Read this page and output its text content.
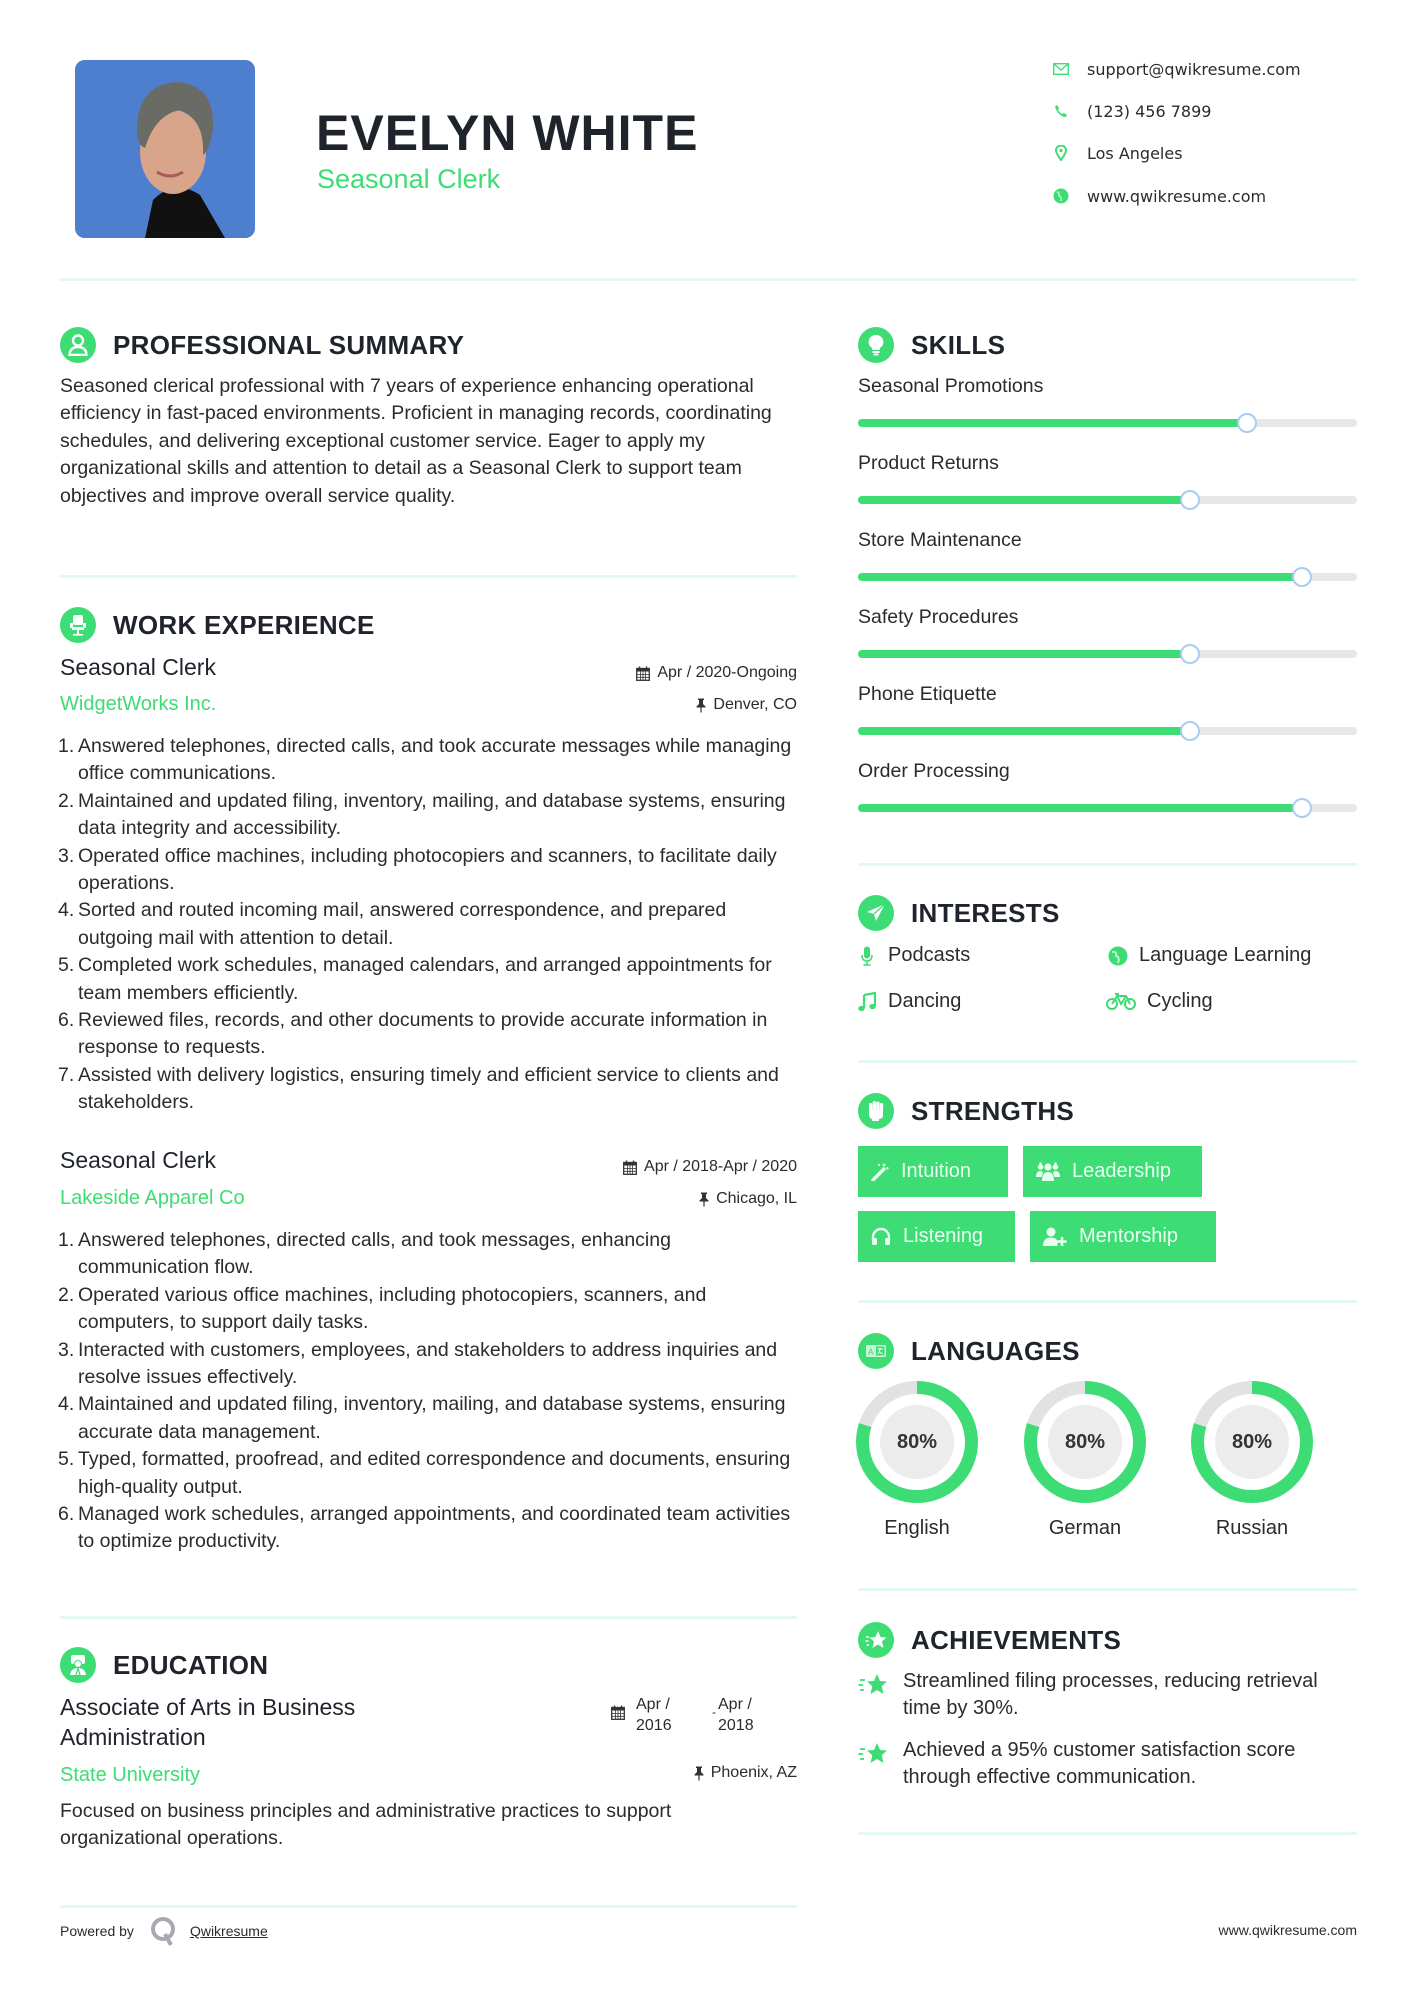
EVELYN WHITE
Seasonal Clerk
support@qwikresume.com
(123) 456 7899
Los Angeles
www.qwikresume.com
PROFESSIONAL SUMMARY
Seasoned clerical professional with 7 years of experience enhancing operational efficiency in fast-paced environments. Proficient in managing records, coordinating schedules, and delivering exceptional customer service. Eager to apply my organizational skills and attention to detail as a Seasonal Clerk to support team objectives and improve overall service quality.
WORK EXPERIENCE
Seasonal Clerk
WidgetWorks Inc.
Apr / 2020-Ongoing
Denver, CO
1. Answered telephones, directed calls, and took accurate messages while managing office communications.
2. Maintained and updated filing, inventory, mailing, and database systems, ensuring data integrity and accessibility.
3. Operated office machines, including photocopiers and scanners, to facilitate daily operations.
4. Sorted and routed incoming mail, answered correspondence, and prepared outgoing mail with attention to detail.
5. Completed work schedules, managed calendars, and arranged appointments for team members efficiently.
6. Reviewed files, records, and other documents to provide accurate information in response to requests.
7. Assisted with delivery logistics, ensuring timely and efficient service to clients and stakeholders.
Seasonal Clerk
Lakeside Apparel Co
Apr / 2018-Apr / 2020
Chicago, IL
1. Answered telephones, directed calls, and took messages, enhancing communication flow.
2. Operated various office machines, including photocopiers, scanners, and computers, to support daily tasks.
3. Interacted with customers, employees, and stakeholders to address inquiries and resolve issues effectively.
4. Maintained and updated filing, inventory, mailing, and database systems, ensuring accurate data management.
5. Typed, formatted, proofread, and edited correspondence and documents, ensuring high-quality output.
6. Managed work schedules, arranged appointments, and coordinated team activities to optimize productivity.
EDUCATION
Associate of Arts in Business
Administration
State University
Apr /
2016
- Apr /
2018
Phoenix, AZ
Focused on business principles and administrative practices to support organizational operations.
Powered by	Qwikresume
SKILLS
Seasonal Promotions
Product Returns
Store Maintenance
Safety Procedures
Phone Etiquette
Order Processing
INTERESTS
Podcasts	Language Learning
Dancing	Cycling
STRENGTHS
Intuition	Leadership
Listening	Mentorship
A LANGUAGES
80%
English
80%
German
80%
Russian
ACHIEVEMENTS
Streamlined filing processes, reducing retrieval time by 30%.
Achieved a 95% customer satisfaction score through effective communication.
www.qwikresume.com
